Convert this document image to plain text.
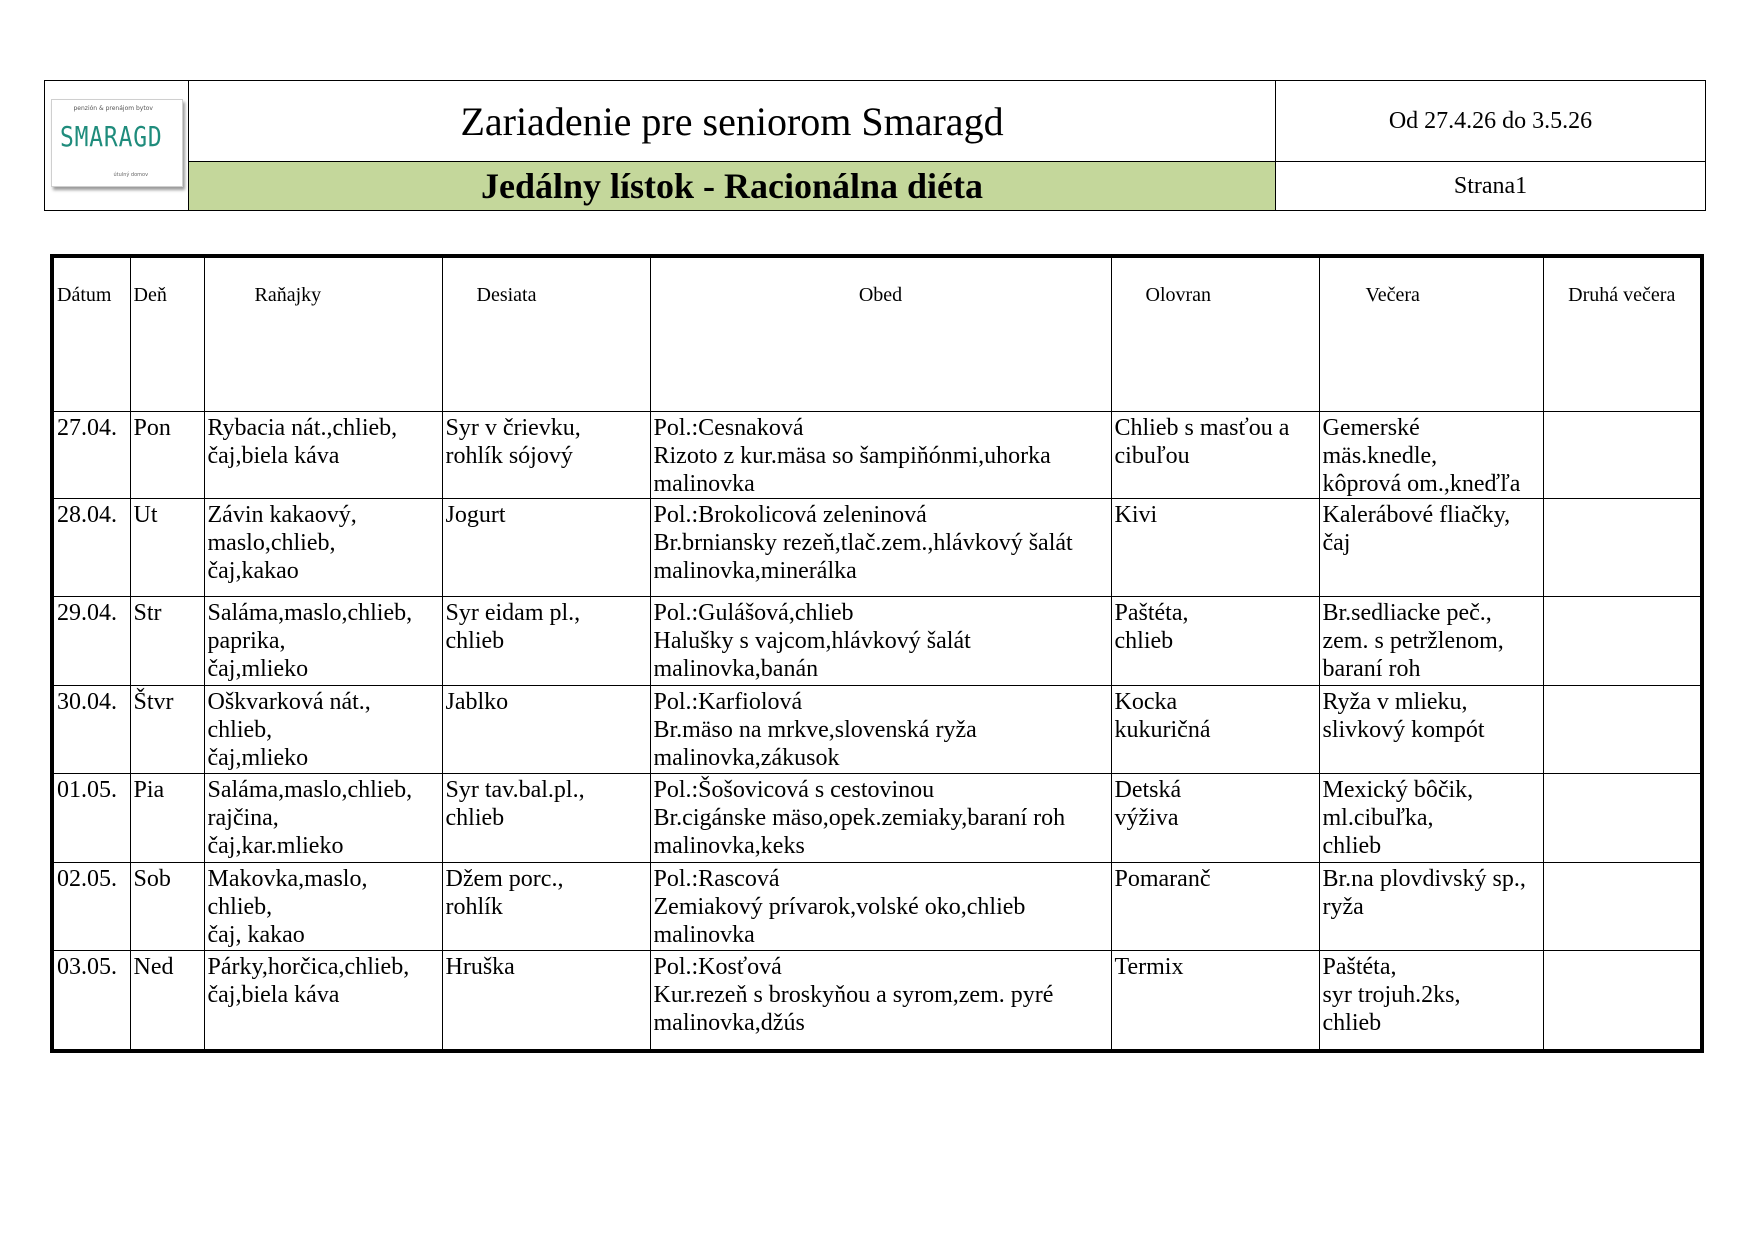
penzión & prenájom bytov
SMARAGD
útulný domov	Zariadenie pre seniorom Smaragd	Od 27.4.26 do 3.5.26
	Jedálny lístok - Racionálna diéta	Strana1
Dátum	Deň	Raňajky	Desiata	Obed	Olovran	Večera	Druhá večera
27.04.	Pon	Rybacia nát.,chlieb,
čaj,biela káva	Syr v črievku,
rohlík sójový	Pol.:Cesnaková
Rizoto z kur.mäsa so šampiňónmi,uhorka
malinovka	Chlieb s masťou a
cibuľou	Gemerské
mäs.knedle,
kôprová om.,kneďľa	

28.04.	Ut	Závin kakaový,
maslo,chlieb,
čaj,kakao	Jogurt	Pol.:Brokolicová zeleninová
Br.brniansky rezeň,tlač.zem.,hlávkový šalát
malinovka,minerálka	Kivi	Kalerábové fliačky,
čaj	

29.04.	Str	Saláma,maslo,chlieb,
paprika,
čaj,mlieko	Syr eidam pl.,
chlieb	Pol.:Gulášová,chlieb
Halušky s vajcom,hlávkový šalát
malinovka,banán	Paštéta,
chlieb	Br.sedliacke peč.,
zem. s petržlenom,
baraní roh	

30.04.	Štvr	Oškvarková nát.,
chlieb,
čaj,mlieko	Jablko	Pol.:Karfiolová
Br.mäso na mrkve,slovenská ryža
malinovka,zákusok	Kocka
kukuričná	Ryža v mlieku,
slivkový kompót	

01.05.	Pia	Saláma,maslo,chlieb,
rajčina,
čaj,kar.mlieko	Syr tav.bal.pl.,
chlieb	Pol.:Šošovicová s cestovinou
Br.cigánske mäso,opek.zemiaky,baraní roh
malinovka,keks	Detská
výživa	Mexický bôčik,
ml.cibuľka,
chlieb	

02.05.	Sob	Makovka,maslo,
chlieb,
čaj, kakao	Džem porc.,
rohlík	Pol.:Rascová
Zemiakový prívarok,volské oko,chlieb
malinovka	Pomaranč	Br.na plovdivský sp.,
ryža	

03.05.	Ned	Párky,horčica,chlieb,
čaj,biela káva	Hruška	Pol.:Kosťová
Kur.rezeň s broskyňou a syrom,zem. pyré
malinovka,džús	Termix	Paštéta,
syr trojuh.2ks,
chlieb	
